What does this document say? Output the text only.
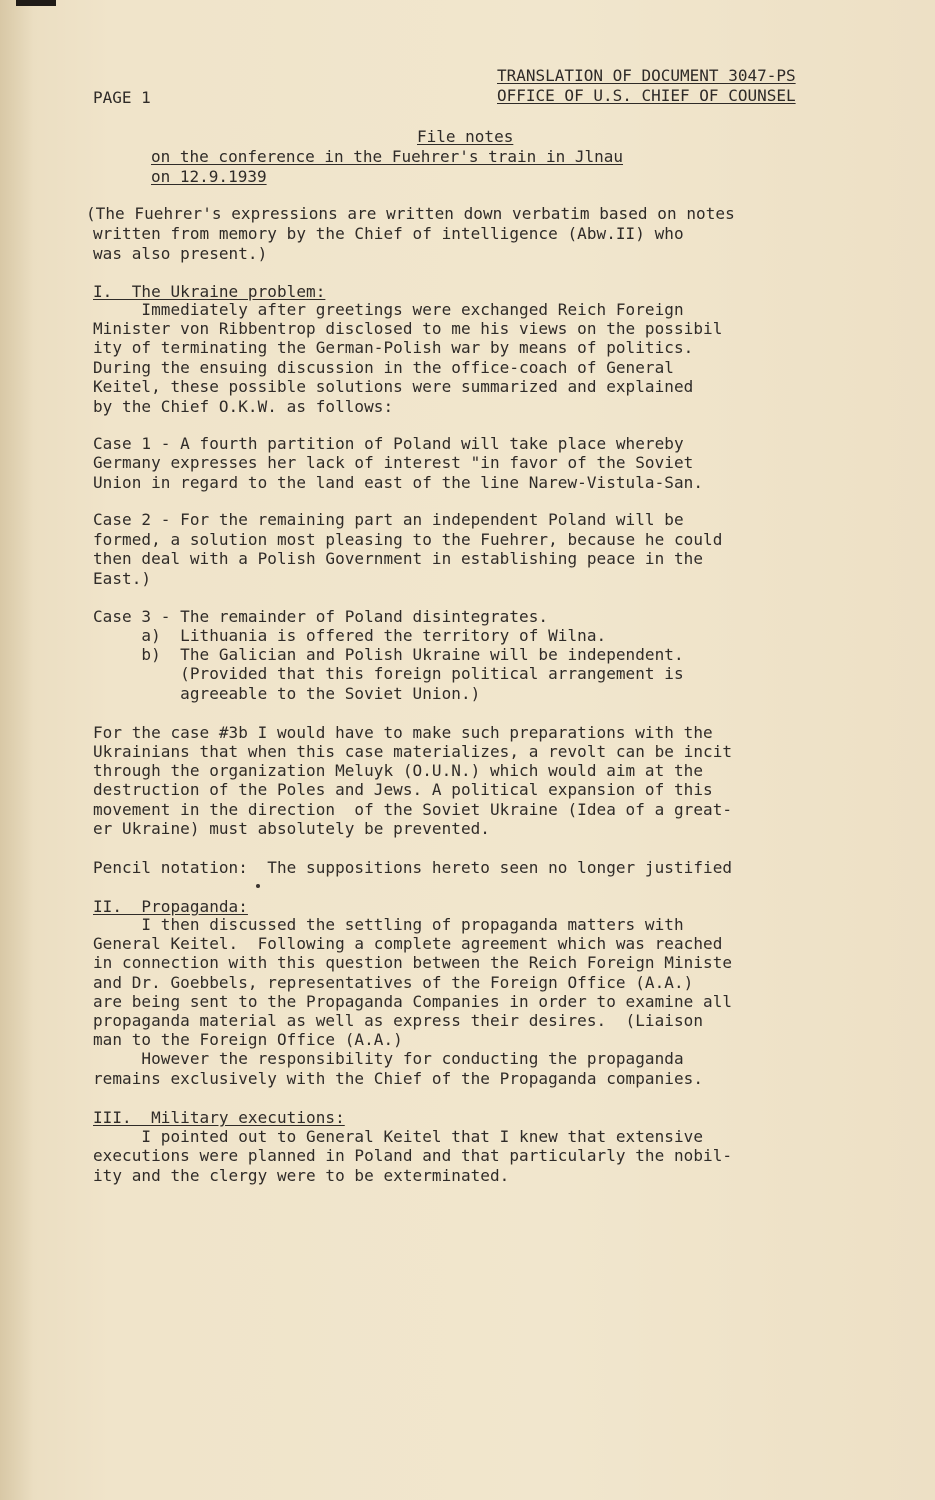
TRANSLATION OF DOCUMENT 3047-PS
OFFICE OF U.S. CHIEF OF COUNSEL
PAGE 1
File notes
on the conference in the Fuehrer's train in Jlnau
on 12.9.1939
(The Fuehrer's expressions are written down verbatim based on notes
written from memory by the Chief of intelligence (Abw.II) who
was also present.)
I.  The Ukraine problem:
Immediately after greetings were exchanged Reich Foreign
Minister von Ribbentrop disclosed to me his views on the possibil
ity of terminating the German-Polish war by means of politics.
During the ensuing discussion in the office-coach of General
Keitel, these possible solutions were summarized and explained
by the Chief O.K.W. as follows:
Case 1 - A fourth partition of Poland will take place whereby
Germany expresses her lack of interest "in favor of the Soviet
Union in regard to the land east of the line Narew-Vistula-San.
Case 2 - For the remaining part an independent Poland will be
formed, a solution most pleasing to the Fuehrer, because he could
then deal with a Polish Government in establishing peace in the
East.)
Case 3 - The remainder of Poland disintegrates.
a)  Lithuania is offered the territory of Wilna.
b)  The Galician and Polish Ukraine will be independent.
(Provided that this foreign political arrangement is
agreeable to the Soviet Union.)
For the case #3b I would have to make such preparations with the
Ukrainians that when this case materializes, a revolt can be incit
through the organization Meluyk (O.U.N.) which would aim at the
destruction of the Poles and Jews. A political expansion of this
movement in the direction  of the Soviet Ukraine (Idea of a great-
er Ukraine) must absolutely be prevented.
Pencil notation:  The suppositions hereto seen no longer justified
II.  Propaganda:
I then discussed the settling of propaganda matters with
General Keitel.  Following a complete agreement which was reached
in connection with this question between the Reich Foreign Ministe
and Dr. Goebbels, representatives of the Foreign Office (A.A.)
are being sent to the Propaganda Companies in order to examine all
propaganda material as well as express their desires.  (Liaison
man to the Foreign Office (A.A.)
However the responsibility for conducting the propaganda
remains exclusively with the Chief of the Propaganda companies.
III.  Military executions:
I pointed out to General Keitel that I knew that extensive
executions were planned in Poland and that particularly the nobil-
ity and the clergy were to be exterminated.
